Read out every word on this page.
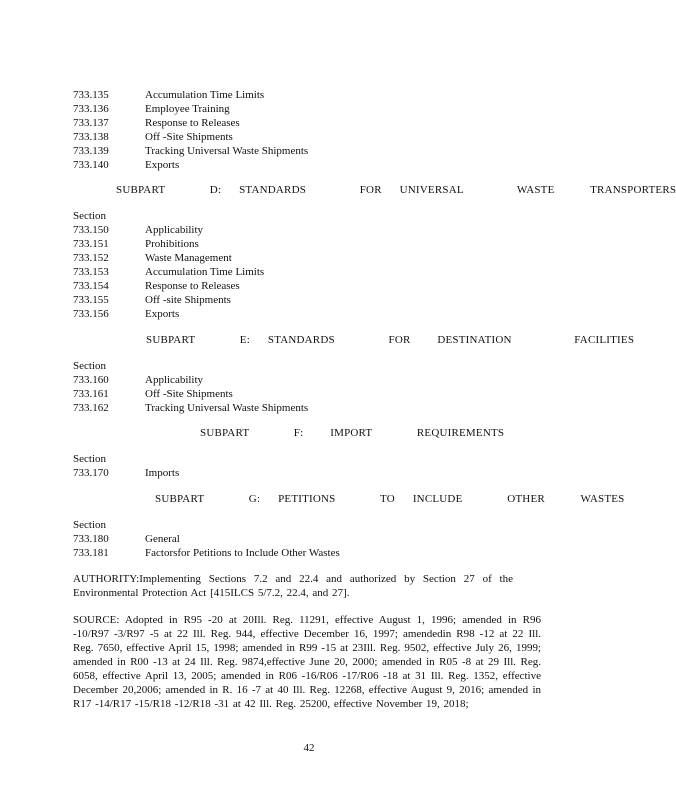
733.135	Accumulation Time Limits
733.136	Employee Training
733.137	Response to Releases
733.138	Off -Site Shipments
733.139	Tracking Universal Waste Shipments
733.140	Exports
SUBPART     D:  STANDARDS      FOR  UNIVERSAL      WASTE    TRANSPORTERS
Section
733.150	Applicability
733.151	Prohibitions
733.152	Waste Management
733.153	Accumulation Time Limits
733.154	Response to Releases
733.155	Off -site Shipments
733.156	Exports
SUBPART     E:  STANDARDS      FOR   DESTINATION       FACILITIES
Section
733.160	Applicability
733.161	Off -Site Shipments
733.162	Tracking Universal Waste Shipments
SUBPART     F:   IMPORT     REQUIREMENTS
Section
733.170	Imports
SUBPART     G:  PETITIONS     TO  INCLUDE     OTHER    WASTES
Section
733.180	General
733.181	Factorsfor Petitions to Include Other Wastes
AUTHORITY:Implementing Sections 7.2 and 22.4 and authorized by Section 27 of the Environmental Protection Act [415ILCS 5/7.2, 22.4, and 27].
SOURCE: Adopted in R95 -20 at 20Ill. Reg. 11291, effective August 1, 1996; amended in R96 -10/R97 -3/R97 -5 at 22 Ill. Reg. 944, effective December 16, 1997; amendedin R98 -12 at 22 Ill. Reg. 7650, effective April 15, 1998; amended in R99 -15 at 23Ill. Reg. 9502, effective July 26, 1999; amended in R00 -13 at 24 Ill. Reg. 9874,effective June 20, 2000; amended in R05 -8 at 29 Ill. Reg. 6058, effective April 13, 2005; amended in R06 -16/R06 -17/R06 -18 at 31 Ill. Reg. 1352, effective December 20,2006; amended in R. 16 -7 at 40 Ill. Reg. 12268, effective August 9, 2016; amended in R17 -14/R17 -15/R18 -12/R18 -31 at 42 Ill. Reg. 25200, effective November 19, 2018;
42
